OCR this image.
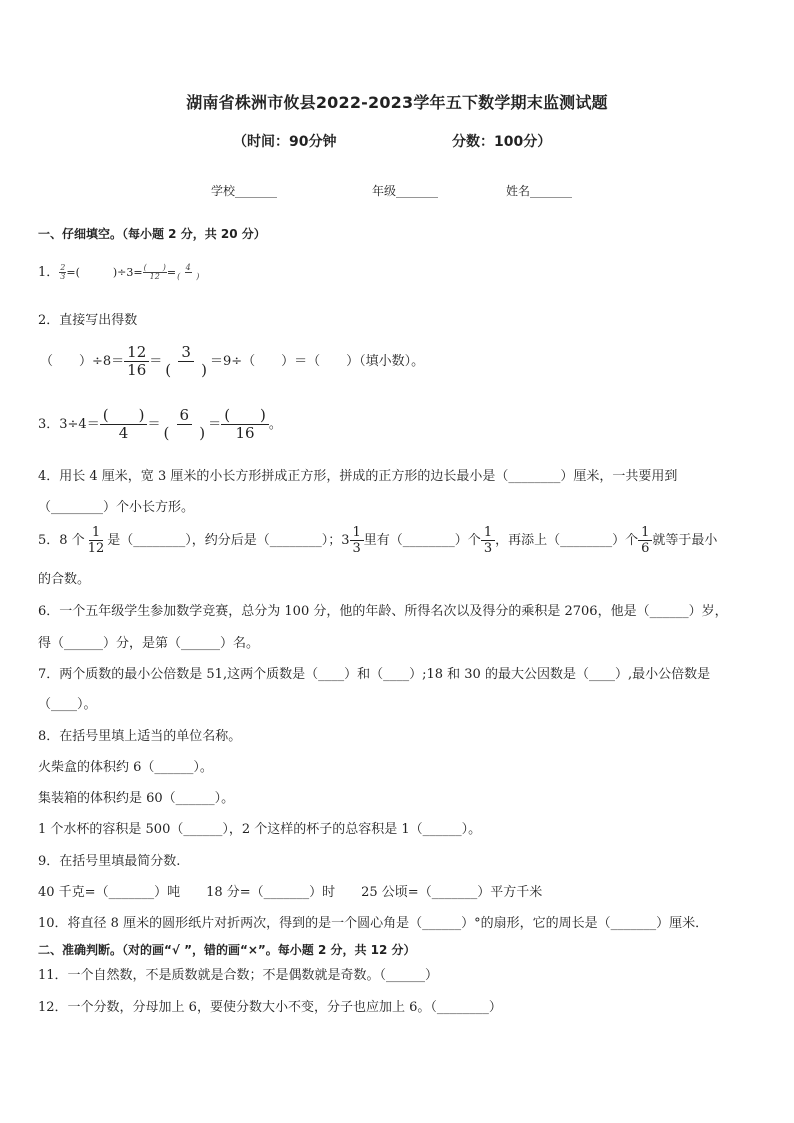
湖南省株洲市攸县2022-2023学年五下数学期末监测试题
（时间：90分钟	分数：100分）
学校_______	年级_______	姓名_______
一、仔细填空。（每小题 2 分，共 20 分）
1． $\frac{2}{3}$ =(　　　)$\div 3= \frac{( )}{12} = \frac{4}{( )}$
2．直接写出得数
（　　）$\div 8= \frac{12}{16} = \frac{3}{( )} =9\div$（　　）＝（　　）（填小数）。
3．$3\div 4= \frac{( )}{4} = \frac{6}{( )} = \frac{( )}{16}$ 。
4．用长 4 厘米，宽 3 厘米的小长方形拼成正方形，拼成的正方形的边长最小是（________）厘米，一共要用到
（________）个小长方形。
5．8 个 $\frac{1}{12}$ 是（________），约分后是（________）；$3 \frac{1}{3}$ 里有（________）个 $\frac{1}{3}$ ，再添上（________）个 $\frac{1}{6}$ 就等于最小
的合数。
6．一个五年级学生参加数学竞赛，总分为 100 分，他的年龄、所得名次以及得分的乘积是 2706，他是（______）岁，
得（______）分，是第（______）名。
7．两个质数的最小公倍数是 51,这两个质数是（____）和（____）;18 和 30 的最大公因数是（____）,最小公倍数是
（____）。
8．在括号里填上适当的单位名称。
火柴盒的体积约 6（______）。
集装箱的体积约是 60（______）。
1 个水杯的容积是 500（______），2 个这样的杯子的总容积是 1（______）。
9．在括号里填最简分数.
40 千克=（_______）吨　　18 分=（_______）时　　25 公顷=（_______）平方千米
10．将直径 8 厘米的圆形纸片对折两次，得到的是一个圆心角是（______）°的扇形，它的周长是（_______）厘米．
二、准确判断。（对的画“√ ”，错的画“×”。每小题 2 分，共 12 分）
11．一个自然数，不是质数就是合数；不是偶数就是奇数。（______）
12．一个分数，分母加上 6，要使分数大小不变，分子也应加上 6。（________）
